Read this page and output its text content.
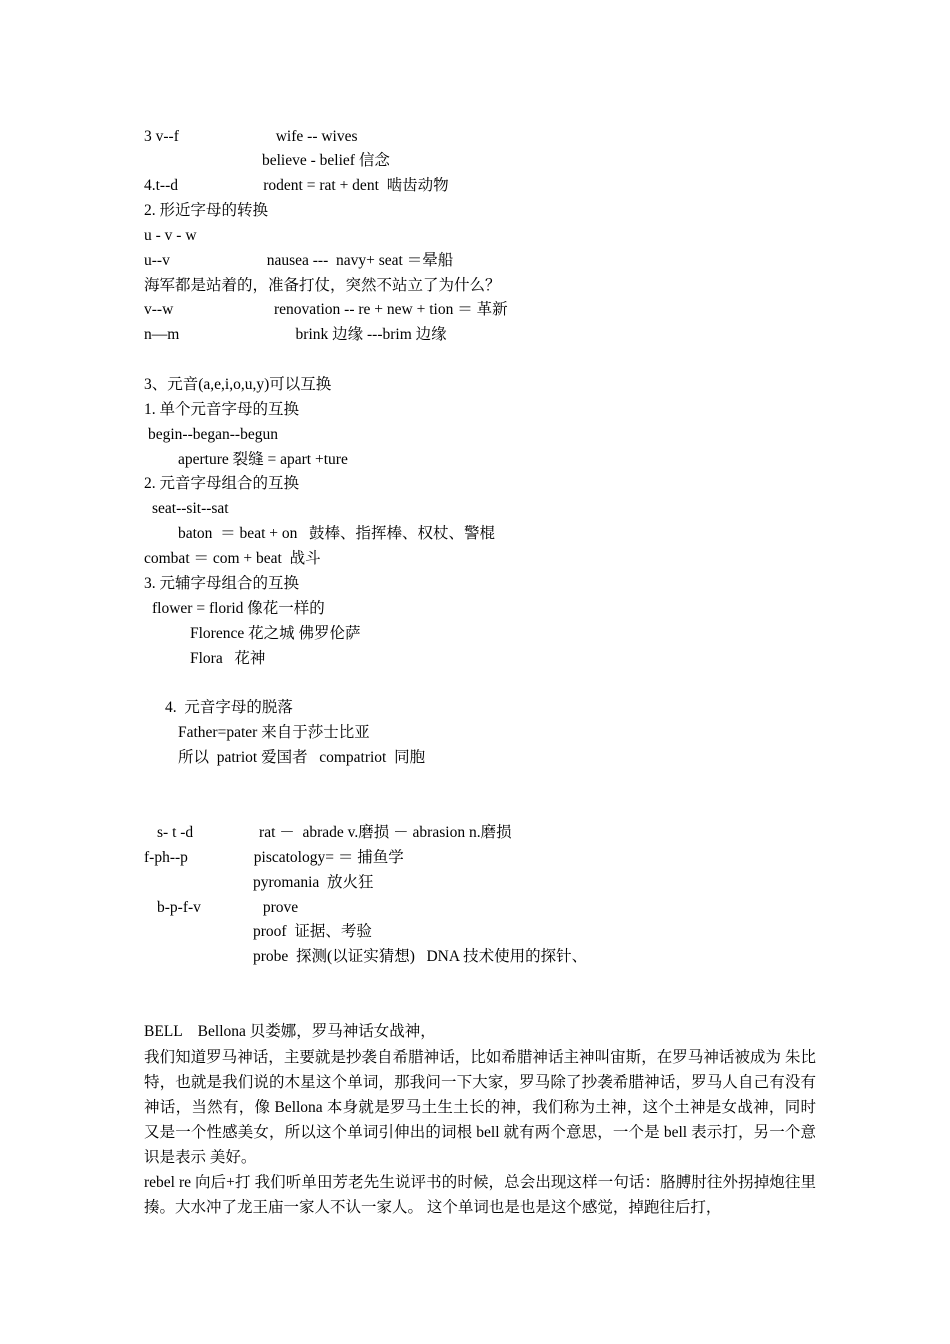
3 v--f                         wife -- wives
believe - belief 信念
4.t--d                      rodent = rat + dent  啮齿动物
2. 形近字母的转换
u - v - w
u--v                         nausea ---  navy+ seat ＝晕船
海军都是站着的，准备打仗，突然不站立了为什么？
v--w                          renovation -- re + new + tion ＝ 革新
n—m                              brink 边缘 ---brim 边缘
3、元音(a,e,i,o,u,y)可以互换
1. 单个元音字母的互换
begin--began--begun
aperture 裂缝 = apart +ture
2. 元音字母组合的互换
seat--sit--sat
baton  ＝ beat + on   鼓棒、指挥棒、权杖、警棍
combat ＝ com + beat  战斗
3. 元辅字母组合的互换
flower = florid 像花一样的
Florence 花之城 佛罗伦萨
Flora   花神
4.  元音字母的脱落
Father=pater 来自于莎士比亚
所以  patriot 爱国者   compatriot  同胞
s- t -d                 rat －  abrade v.磨损 － abrasion n.磨损
f-ph--p                 piscatology= ＝ 捕鱼学
pyromania  放火狂
b-p-f-v                prove
proof  证据、考验
probe  探测(以证实猜想)   DNA 技术使用的探针、
BELL    Bellona 贝娄娜，罗马神话女战神，
我们知道罗马神话，主要就是抄袭自希腊神话，比如希腊神话主神叫宙斯，在罗马神话被成为 朱比特，也就是我们说的木星这个单词，那我问一下大家，罗马除了抄袭希腊神话，罗马人自己有没有神话，当然有，像 Bellona 本身就是罗马土生土长的神，我们称为土神，这个土神是女战神，同时又是一个性感美女，所以这个单词引伸出的词根 bell 就有两个意思，一个是 bell 表示打，另一个意识是表示 美好。
rebel re 向后+打 我们听单田芳老先生说评书的时候，总会出现这样一句话：胳膊肘往外拐掉炮往里揍。大水冲了龙王庙一家人不认一家人。 这个单词也是也是这个感觉，掉跑往后打，
